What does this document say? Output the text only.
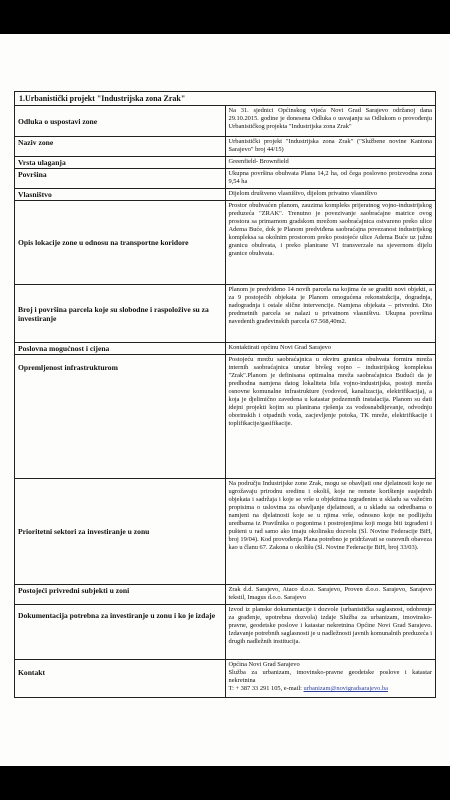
1.Urbanistički projekt "Industrijska zona Zrak"	
Odluka o uspostavi zone	Na 31. sjednici Općinskog vijeća Novi Grad Sarajevo održanoj dana 29.10.2015. godine je donesena Odluka o usvajanju sa Odlukom o provođenju Urbanističkog projekta "Industrijska zona Zrak"
Naziv zone	Urbanistički projekt "Industrijska zona Zrak" ("Službene novine Kantona Sarajevo" broj 44/15)
Vrsta ulaganja	Greenfield- Brownfield
Površina	Ukupna površina obuhvata Plana 14,2 ha, od čega poslovno proizvodna zona 9,54 ha
Vlasništvo	Dijelom društveno vlasništvo, dijelom privatno vlasništvo
Opis lokacije zone u odnosu na transportne koridore	Prostor obuhvaćen planom, zauzima kompleks prijeratnog vojno-industrijskog preduzeća "ZRAK". Trenutno je povezivanje saobraćajne matrice ovog prostora sa primarnom gradskom mrežom saobraćajnica ostvareno preko ulice Adema Buće, dok je Planom predviđena saobraćajna povezanost industrijskog kompleksa sa okolnim prostorom preko postojeće ulice Adema Buće uz južnu granicu obuhvata, i preko planirane VI transverzale na sjevernom dijelu granice obuhvata.
Broj i površina parcela koje su slobodne i raspoložive su za investiranje	Planom je predviđeno 14 novih parcela na kojima će se graditi novi objekti, a za 9 postojećih objekata je Planom omogućena rekonstukcija, dogradnja, nadogradnja i ostale slične intervencije. Namjena objekata – privredni. Dio predmetnih parcela se nalazi u privatnom vlasništvu. Ukupna površina navedenih građevinskih parcela 67.568,40m2.
Poslovna mogućnost i cijena	Kontaktirati općinu Novi Grad Sarajevo
Opremljenost infrastrukturom	Postojeću mrežu saobraćajnica u okviru granica obuhvata formira mreža internih saobraćajnica unutar bivšeg vojno – industrijskog kompleksa "Zrak".Planom je definisana optimalna mreža saobraćajnica Budući da je predhodna namjena datog lokaliteta bila vojno-industrijska, postoji mreža osnovne komunalne infrastrukture (vodovod, kanalizacija, elektrifikacija), a koja je djelimično zavedena u katastar podzemnih instalacija. Planom su dati idejni projekti kojim su planirana rješenja za vodosnabdijevanje, odvodnju oborinskih i otpadnih voda, zacjevljenje potoka, TK mreže, elektrifikacije i toplifikacije/gasifikacije.
Prioritetni sektori za investiranje u zonu	Na području Industrijske zone Zrak, mogu se obavljati one djelatnosti koje ne ugrožavaju prirodnu sredinu i okoliš, koje ne remete korištenje susjednih objekata i sadržaja i koje se vrše u objektima izgrađenim u skladu sa važećim propisima o uslovima za obavljanje djelatnosti, a u skladu sa odredbama o namjeni na djelatnosti koje se u njima vrše, odnosno koje ne podliježu uredbama iz Pravilnika o pogonima i postrojenjima koji mogu biti izgrađeni i pušteni u rad samo ako imaju okolinsku dozvolu (Sl. Novine Federacije BiH, broj 19/04). Kod provođenja Plana potrebno je pridržavati se osnovnih obaveza kao u članu 67. Zakona o okolišu (Sl. Novine Federacije BiH, broj 33/03).
Postojeći privredni subjekti u zoni	Zrak d.d. Sarajevo, Ataco d.o.o. Sarajevo, Proven d.o.o. Sarajevo, Sarajevo tekstil, Imagus d.o.o. Sarajevo
Dokumentacija potrebna za investiranje u zonu i ko je izdaje	Izvod iz planske dokumentacije i dozvole (urbanistička saglasnost, odobrenje za građenje, upotrebna dozvola) izdaje Služba za urbanizam, imovinsko-pravne, geodetske poslove i katastar nekretnina Općine Novi Grad Sarajevo. Izdavanje potrebnih saglasnosti je u nadležnosti javnih komunalnih preduzeća i drugih nadležnih institucija.
Kontakt	Općina Novi Grad Sarajevo
Služba za urbanizam, imovinsko-pravne geodetske poslove i katastar nekretnina
T: + 387 33 291 105, e-mail: urbanizam@novigradsarajevo.ba
